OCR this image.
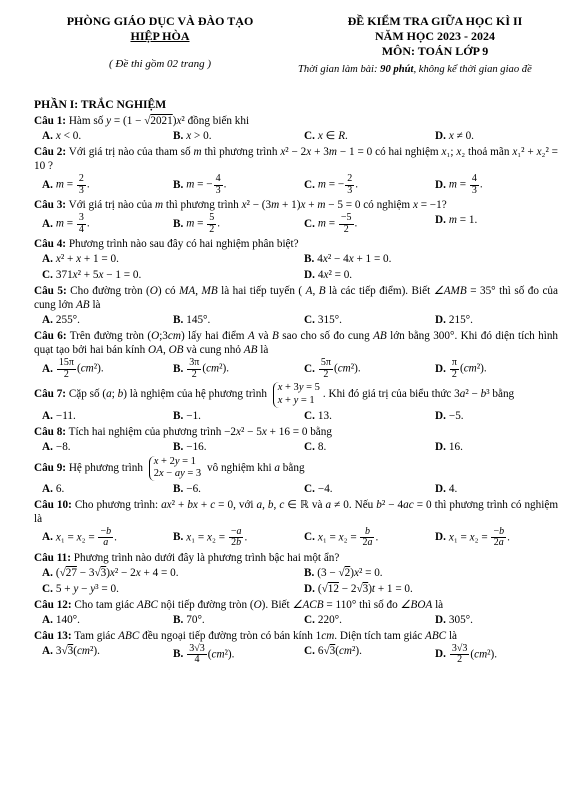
PHÒNG GIÁO DỤC VÀ ĐÀO TẠO
HIỆP HÒA
( Đề thi gồm 02 trang )
ĐỀ KIỂM TRA GIỮA HỌC KÌ II
NĂM HỌC 2023 - 2024
MÔN: TOÁN LỚP 9
Thời gian làm bài: 90 phút, không kể thời gian giao đề
PHẦN I: TRẮC NGHIỆM

Câu 1: Hàm số y = (1 − √2021)x² đồng biến khi

A. x < 0.	B. x > 0.	C. x ∈ R.	D. x ≠ 0.

Câu 2: Với giá trị nào của tham số m thì phương trình x² − 2x + 3m − 1 = 0 có hai nghiệm x₁; x₂ thoả mãn x₁² + x₂² = 10 ?

A. $m = \frac{2}{3}$ .	B. m = − $\frac{4}{3}$ .	C. m = − $\frac{2}{3}$ .	D. $m = \frac{4}{3}$ .

Câu 3: Với giá trị nào của m thì phương trình x² − (3m + 1)x + m − 5 = 0 có nghiệm x = −1?

A. $m = \frac{3}{4}$ .	B. $m = \frac{5}{2}$ .	C. $m = \frac{-5}{2}$ .	D. m = 1.

Câu 4: Phương trình nào sau đây có hai nghiệm phân biệt?

A. x² + x + 1 = 0.	B. 4x² − 4x + 1 = 0.
C. 371x² + 5x − 1 = 0.	D. 4x² = 0.

Câu 5: Cho đường tròn (O) có MA, MB là hai tiếp tuyến ( A, B là các tiếp điểm). Biết ∠AMB = 35° thì số đo của cung lớn AB là

A. 255°.	B. 145°.	C. 315°.	D. 215°.

Câu 6: Trên đường tròn (O;3cm) lấy hai điểm A và B sao cho số đo cung AB lớn bằng 300°. Khi đó diện tích hình quạt tạo bởi hai bán kính OA, OB và cung nhỏ AB là

A. $\frac{15\pi}{2} (cm^2)$.	B. $\frac{3\pi}{2} (cm^2)$.	C. $\frac{5\pi}{2} (cm^2)$.	D. $\frac{\pi}{2} (cm^2)$.

Câu 7: Cặp số (a; b) là nghiệm của hệ phương trình x + 3y = 5
x + y = 1 . Khi đó giá trị của biểu thức 3a² − b³ bằng

A. −11.	B. −1.	C. 13.	D. −5.

Câu 8: Tích hai nghiệm của phương trình −2x² − 5x + 16 = 0 bằng

A. −8.	B. −16.	C. 8.	D. 16.

Câu 9: Hệ phương trình x + 2y = 1
2x − ay = 3 vô nghiệm khi a bằng

A. 6.	B. −6.	C. −4.	D. 4.

Câu 10: Cho phương trình: ax² + bx + c = 0, với a, b, c ∈ ℝ và a ≠ 0. Nếu b² − 4ac = 0 thì phương trình có nghiệm là

A. $x_1 = x_2 = \frac{-b}{a}$ .	B. $x_1 = x_2 = \frac{-a}{2b}$ .	C. $x_1 = x_2 = \frac{b}{2a}$ .	D. $x_1 = x_2 = \frac{-b}{2a}$ .

Câu 11: Phương trình nào dưới đây là phương trình bậc hai một ẩn?

A. (√27 − 3√3)x² − 2x + 4 = 0.	B. (3 − √2)x² = 0.
C. 5 + y − y³ = 0.	D. (√12 − 2√3)t + 1 = 0.

Câu 12: Cho tam giác ABC nội tiếp đường tròn (O). Biết ∠ACB = 110° thì số đo ∠BOA là

A. 140°.	B. 70°.	C. 220°.	D. 305°.

Câu 13: Tam giác ABC đều ngoại tiếp đường tròn có bán kính 1cm. Diện tích tam giác ABC là

A. 3√3(cm²).	B. $\frac{3√3}{4} (cm^2)$.	C. 6√3(cm²).	D. $\frac{3√3}{2} (cm^2)$.
